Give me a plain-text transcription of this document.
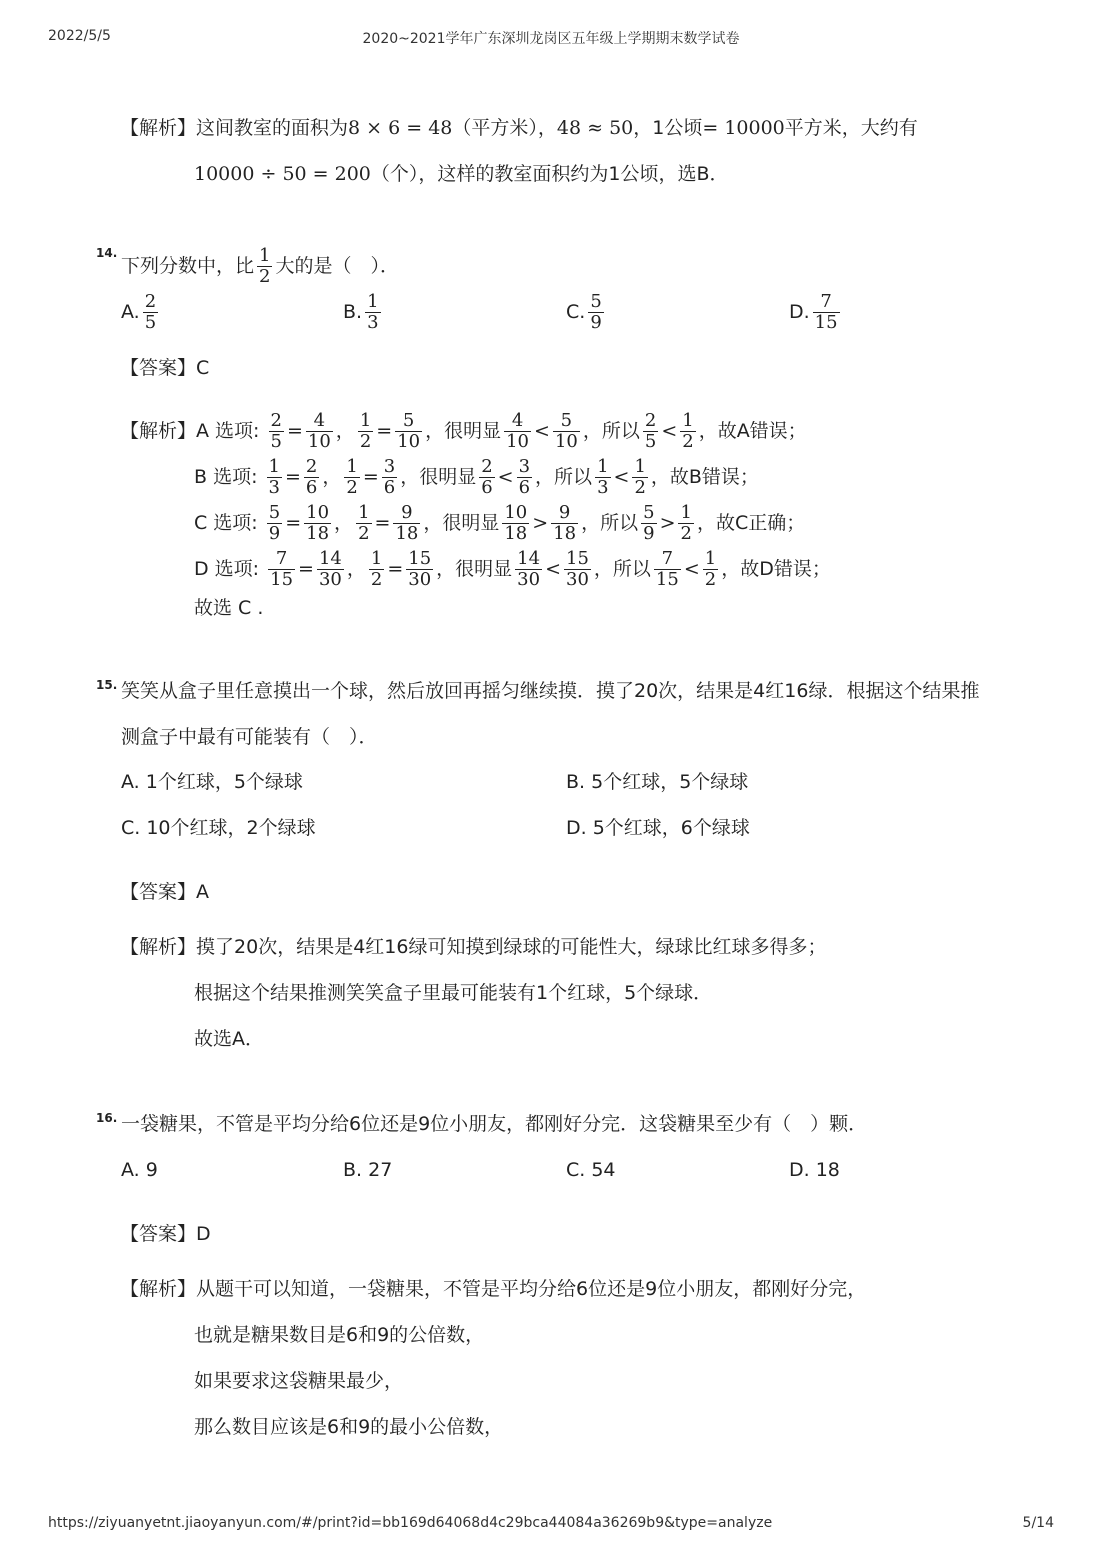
2022/5/5	2020~2021学年广东深圳龙岗区五年级上学期期末数学试卷
【解析】这间教室的面积为8 × 6 = 48（平方米），48 ≈ 50，1公顷= 10000平方米，大约有
10000 ÷ 50 = 200（个），这样的教室面积约为1公顷，选B．
14.
下列分数中，比 $\frac{1}{2}$ 大的是（　）．
A. $\frac{2}{5}$	B. $\frac{1}{3}$	C. $\frac{5}{9}$	D. $\frac{7}{15}$
【答案】C
【解析】A 选项: $\frac{2}{5} = \frac{4}{10}$ ， $\frac{1}{2} = \frac{5}{10}$ ，很明显 $\frac{4}{10} < \frac{5}{10}$ ，所以 $\frac{2}{5} < \frac{1}{2}$ ，故A错误；
B 选项: $\frac{1}{3} = \frac{2}{6}$ ， $\frac{1}{2} = \frac{3}{6}$ ，很明显 $\frac{2}{6} < \frac{3}{6}$ ，所以 $\frac{1}{3} < \frac{1}{2}$ ，故B错误；
C 选项: $\frac{5}{9} = \frac{10}{18}$ ， $\frac{1}{2} = \frac{9}{18}$ ，很明显 $\frac{10}{18} > \frac{9}{18}$ ，所以 $\frac{5}{9} > \frac{1}{2}$ ，故C正确；
D 选项: $\frac{7}{15} = \frac{14}{30}$ ， $\frac{1}{2} = \frac{15}{30}$ ，很明显 $\frac{14}{30} < \frac{15}{30}$ ，所以 $\frac{7}{15} < \frac{1}{2}$ ，故D错误；
故选 C .
15. 笑笑从盒子里任意摸出一个球，然后放回再摇匀继续摸．摸了20次，结果是4红16绿．根据这个结果推
测盒子中最有可能装有（　）．
A. 1个红球，5个绿球	B. 5个红球，5个绿球
C. 10个红球，2个绿球	D. 5个红球，6个绿球
【答案】A
【解析】摸了20次，结果是4红16绿可知摸到绿球的可能性大，绿球比红球多得多；
根据这个结果推测笑笑盒子里最可能装有1个红球，5个绿球．
故选A．
16. 一袋糖果，不管是平均分给6位还是9位小朋友，都刚好分完．这袋糖果至少有（　）颗．
A. 9	B. 27	C. 54	D. 18
【答案】D
【解析】从题干可以知道，一袋糖果，不管是平均分给6位还是9位小朋友，都刚好分完，
也就是糖果数目是6和9的公倍数，
如果要求这袋糖果最少，
那么数目应该是6和9的最小公倍数，
https://ziyuanyetnt.jiaoyanyun.com/#/print?id=bb169d64068d4c29bca44084a36269b9&type=analyze	5/14
